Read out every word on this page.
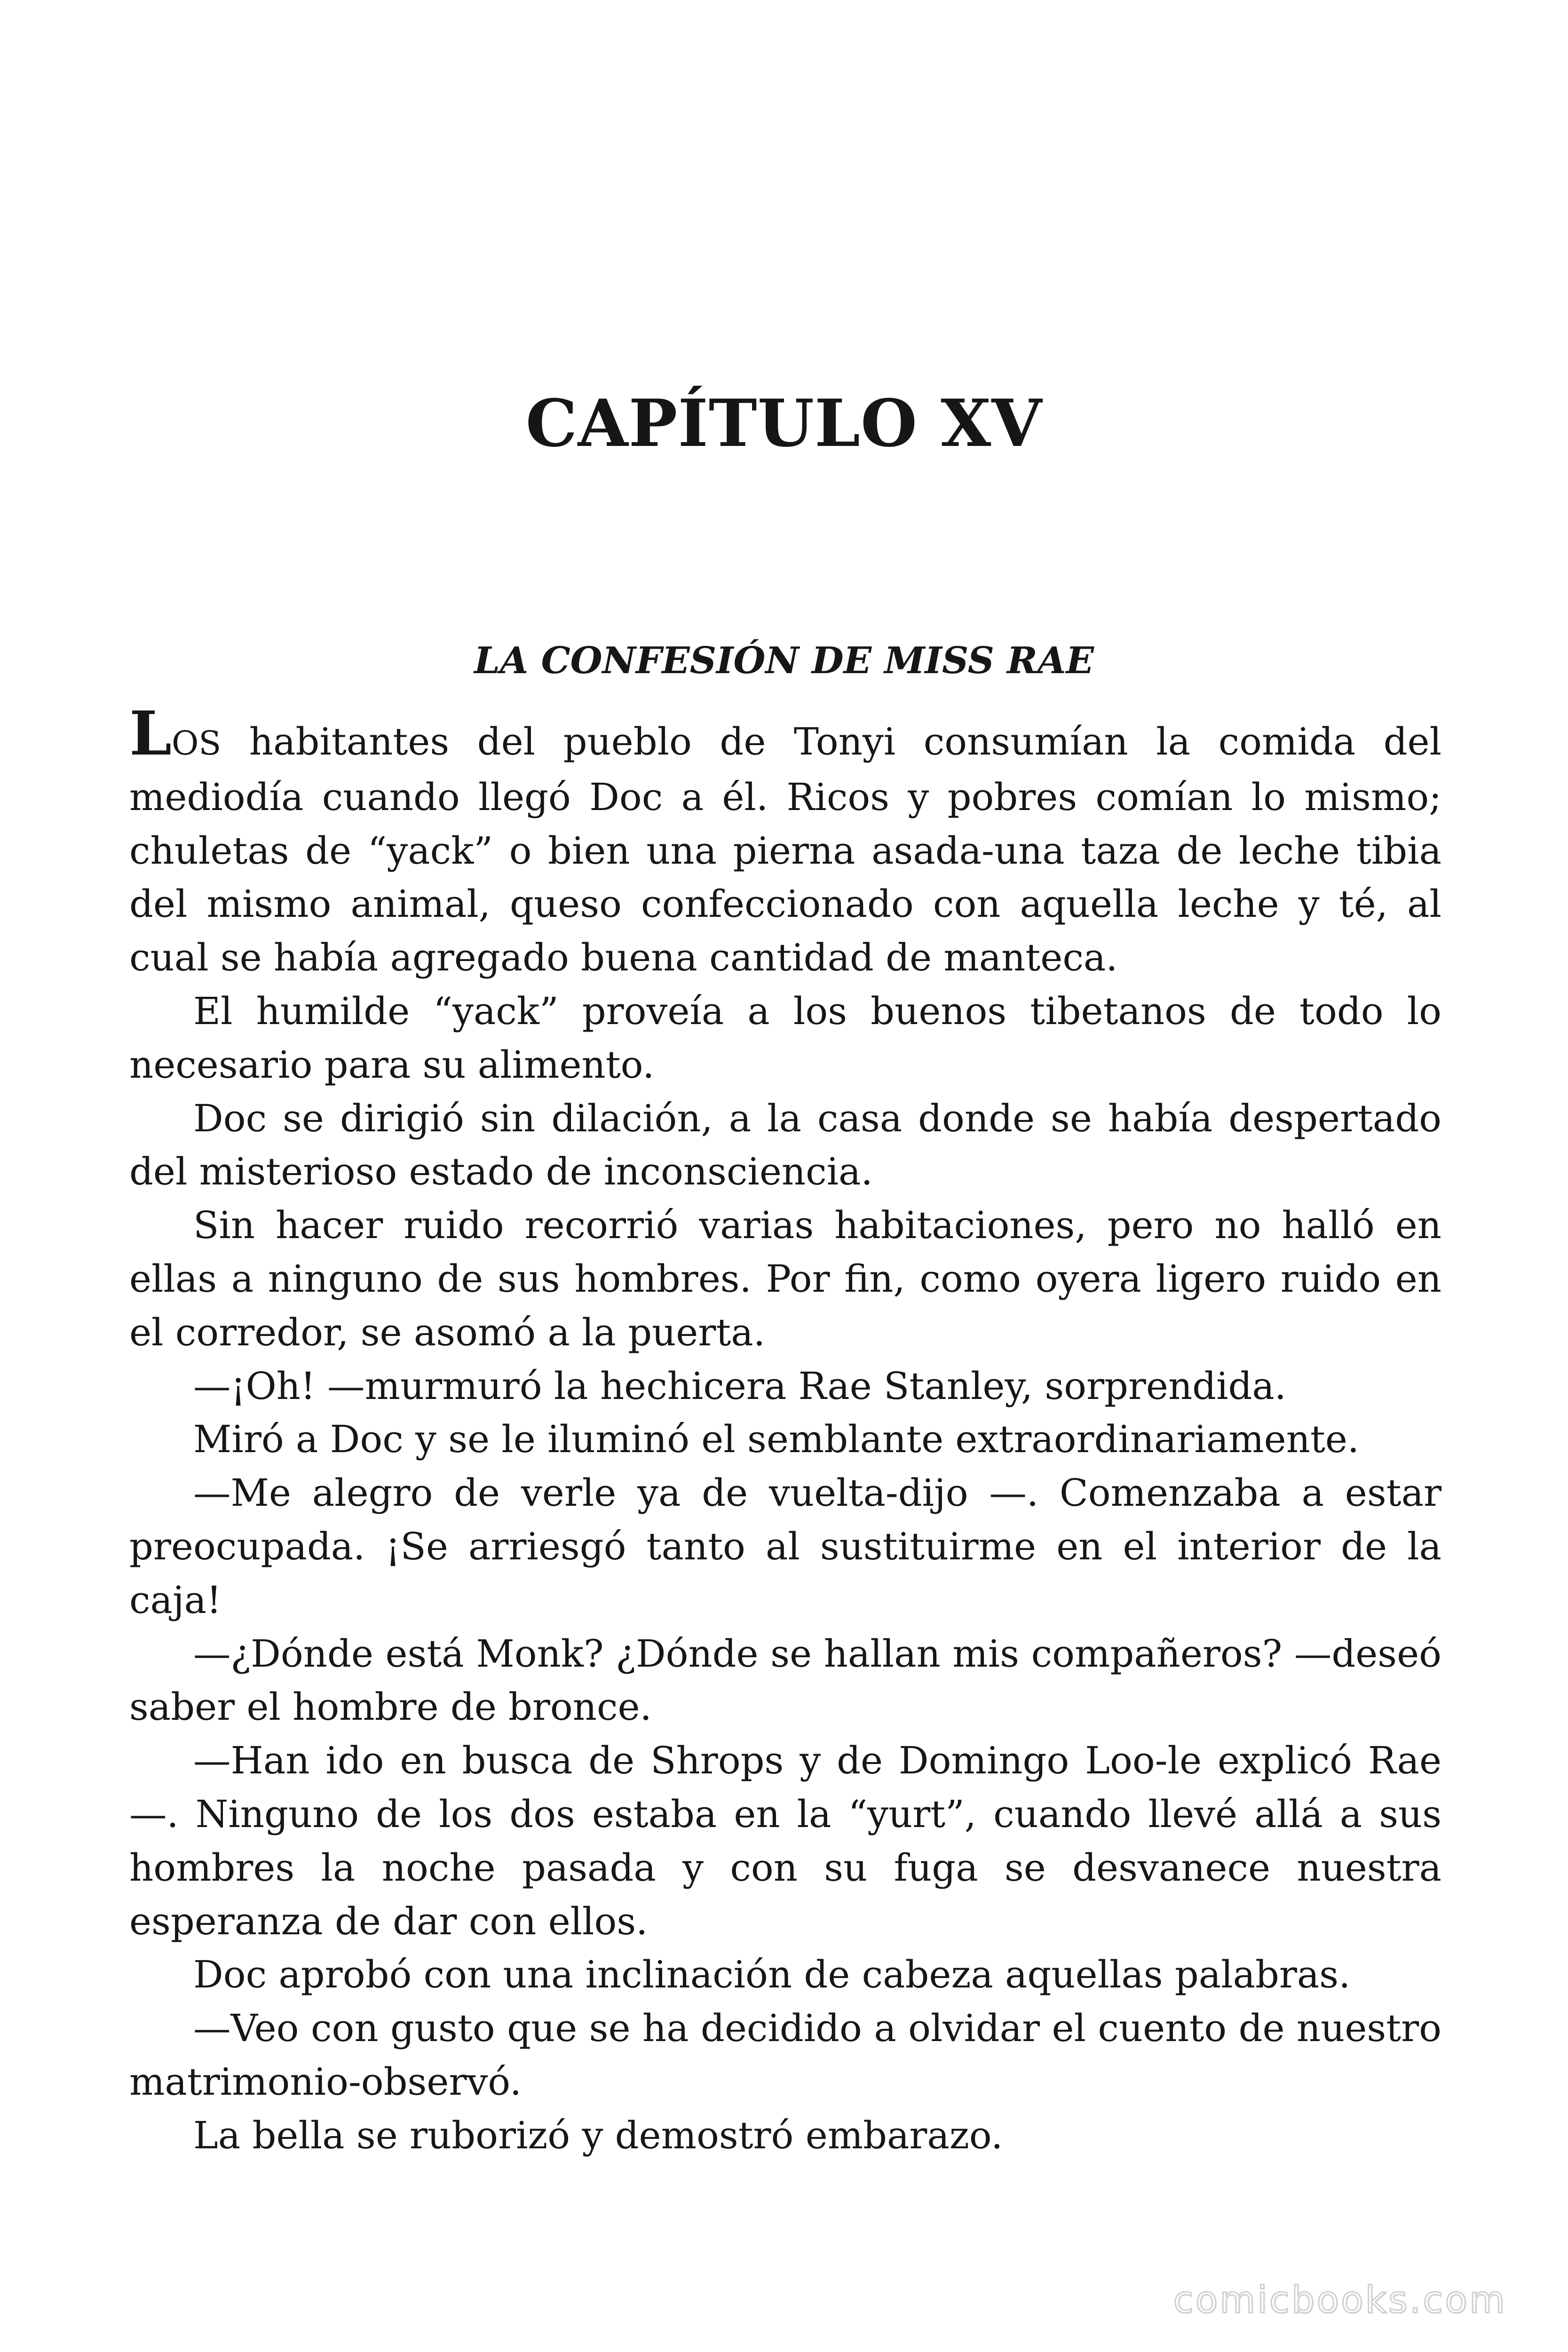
CAPÍTULO XV
LA CONFESIÓN DE MISS RAE

LOS habitantes del pueblo de Tonyi consumían la comida del mediodía cuando llegó Doc a él. Ricos y pobres comían lo mismo; chuletas de “yack” o bien una pierna asada-una taza de leche tibia del mismo animal, queso confeccionado con aquella leche y té, al cual se había agregado buena cantidad de manteca.

El humilde “yack” proveía a los buenos tibetanos de todo lo necesario para su alimento.

Doc se dirigió sin dilación, a la casa donde se había despertado del misterioso estado de inconsciencia.

Sin hacer ruido recorrió varias habitaciones, pero no halló en ellas a ninguno de sus hombres. Por fin, como oyera ligero ruido en el corredor, se asomó a la puerta.

—¡Oh! —murmuró la hechicera Rae Stanley, sorprendida.

Miró a Doc y se le iluminó el semblante extraordinariamente.

—Me alegro de verle ya de vuelta-dijo —. Comenzaba a estar preocupada. ¡Se arriesgó tanto al sustituirme en el interior de la caja!

—¿Dónde está Monk? ¿Dónde se hallan mis compañeros? —deseó saber el hombre de bronce.

—Han ido en busca de Shrops y de Domingo Loo-le explicó Rae —. Ninguno de los dos estaba en la “yurt”, cuando llevé allá a sus hombres la noche pasada y con su fuga se desvanece nuestra esperanza de dar con ellos.

Doc aprobó con una inclinación de cabeza aquellas palabras.

—Veo con gusto que se ha decidido a olvidar el cuento de nuestro matrimonio-observó.

La bella se ruborizó y demostró embarazo.

comicbooks.com
